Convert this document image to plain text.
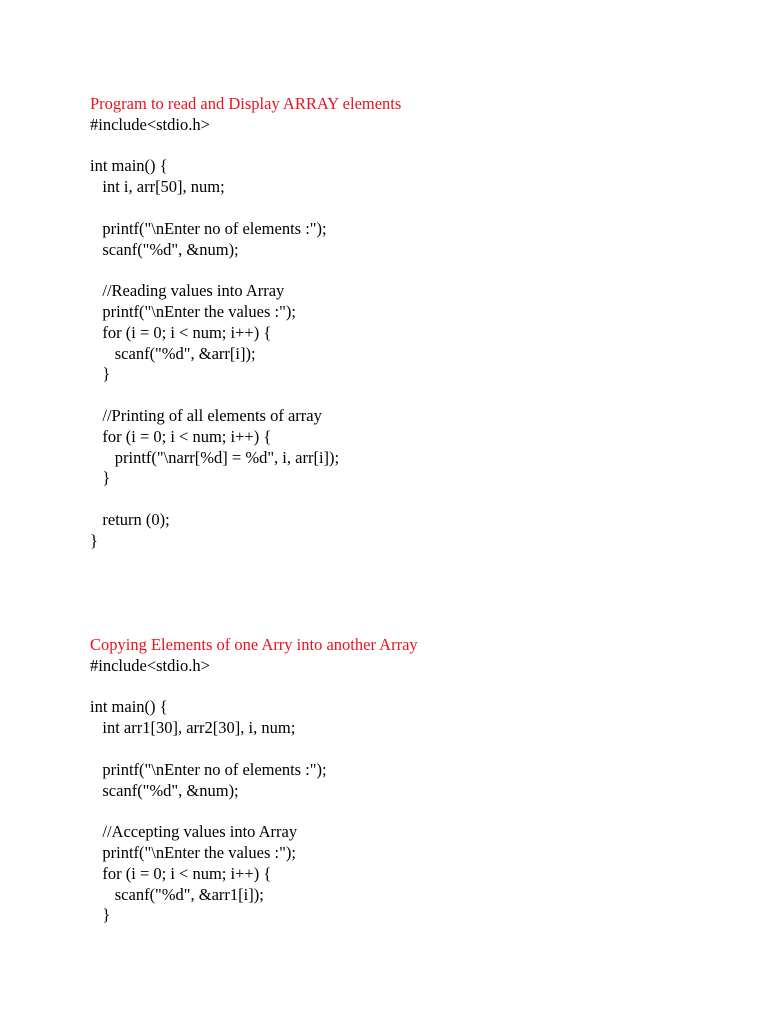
Program to read and Display ARRAY elements
#include<stdio.h>
int main() {
int i, arr[50], num;
printf("\nEnter no of elements :");
scanf("%d", &num);
//Reading values into Array
printf("\nEnter the values :");
for (i = 0; i < num; i++) {
scanf("%d", &arr[i]);
}
//Printing of all elements of array
for (i = 0; i < num; i++) {
printf("\narr[%d] = %d", i, arr[i]);
}
return (0);
}
Copying Elements of one Arry into another Array
#include<stdio.h>
int main() {
int arr1[30], arr2[30], i, num;
printf("\nEnter no of elements :");
scanf("%d", &num);
//Accepting values into Array
printf("\nEnter the values :");
for (i = 0; i < num; i++) {
scanf("%d", &arr1[i]);
}
